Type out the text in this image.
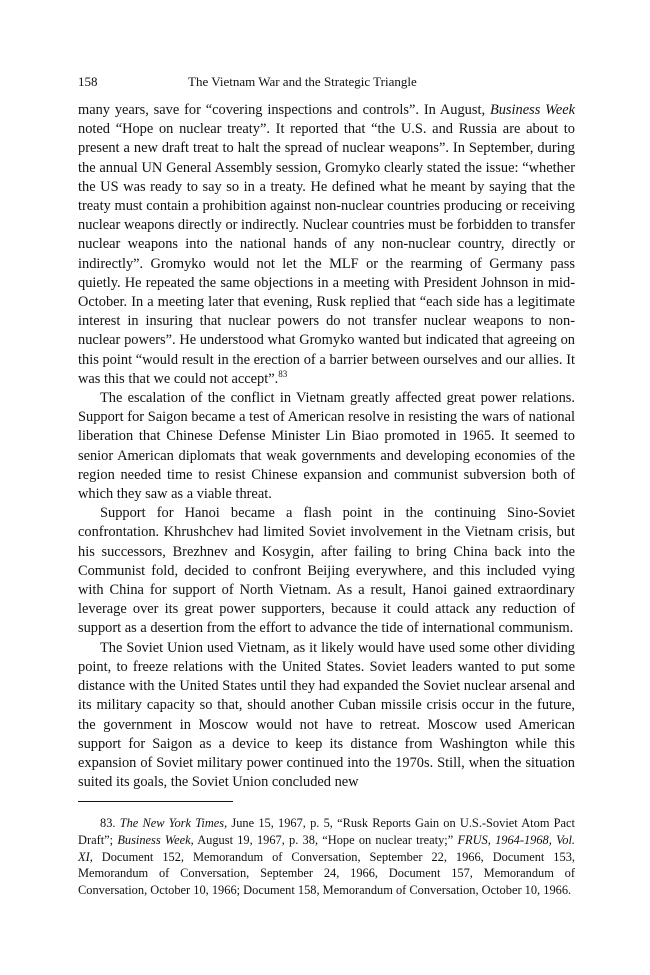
158	The Vietnam War and the Strategic Triangle

many years, save for “covering inspections and controls”. In August, Business Week noted “Hope on nuclear treaty”. It reported that “the U.S. and Russia are about to present a new draft treat to halt the spread of nuclear weapons”. In September, during the annual UN General Assembly session, Gromyko clearly stated the issue: “whether the US was ready to say so in a treaty. He defined what he meant by saying that the treaty must contain a prohibition against non-nuclear countries producing or receiving nuclear weapons directly or indirectly. Nuclear countries must be forbidden to transfer nuclear weapons into the national hands of any non-nuclear country, directly or indirectly”. Gromyko would not let the MLF or the rearming of Germany pass quietly. He repeated the same objections in a meeting with President Johnson in mid-October. In a meeting later that evening, Rusk replied that “each side has a legitimate interest in insuring that nuclear powers do not transfer nuclear weapons to non-nuclear powers”. He understood what Gromyko wanted but indicated that agreeing on this point “would result in the erection of a barrier between ourselves and our allies. It was this that we could not accept”.$^{83}$

The escalation of the conflict in Vietnam greatly affected great power relations. Support for Saigon became a test of American resolve in resisting the wars of national liberation that Chinese Defense Minister Lin Biao promoted in 1965. It seemed to senior American diplomats that weak governments and developing economies of the region needed time to resist Chinese expansion and communist subversion both of which they saw as a viable threat.

Support for Hanoi became a flash point in the continuing Sino-Soviet confrontation. Khrushchev had limited Soviet involvement in the Vietnam crisis, but his successors, Brezhnev and Kosygin, after failing to bring China back into the Communist fold, decided to confront Beijing everywhere, and this included vying with China for support of North Vietnam. As a result, Hanoi gained extraordinary leverage over its great power supporters, because it could attack any reduction of support as a desertion from the effort to advance the tide of international communism.

The Soviet Union used Vietnam, as it likely would have used some other dividing point, to freeze relations with the United States. Soviet leaders wanted to put some distance with the United States until they had expanded the Soviet nuclear arsenal and its military capacity so that, should another Cuban missile crisis occur in the future, the government in Moscow would not have to retreat. Moscow used American support for Saigon as a device to keep its distance from Washington while this expansion of Soviet military power continued into the 1970s. Still, when the situation suited its goals, the Soviet Union concluded new

83. The New York Times, June 15, 1967, p. 5, “Rusk Reports Gain on U.S.-Soviet Atom Pact Draft”; Business Week, August 19, 1967, p. 38, “Hope on nuclear treaty;” FRUS, 1964-1968, Vol. XI, Document 152, Memorandum of Conversation, September 22, 1966, Document 153, Memorandum of Conversation, September 24, 1966, Document 157, Memorandum of Conversation, October 10, 1966; Document 158, Memorandum of Conversation, October 10, 1966.
